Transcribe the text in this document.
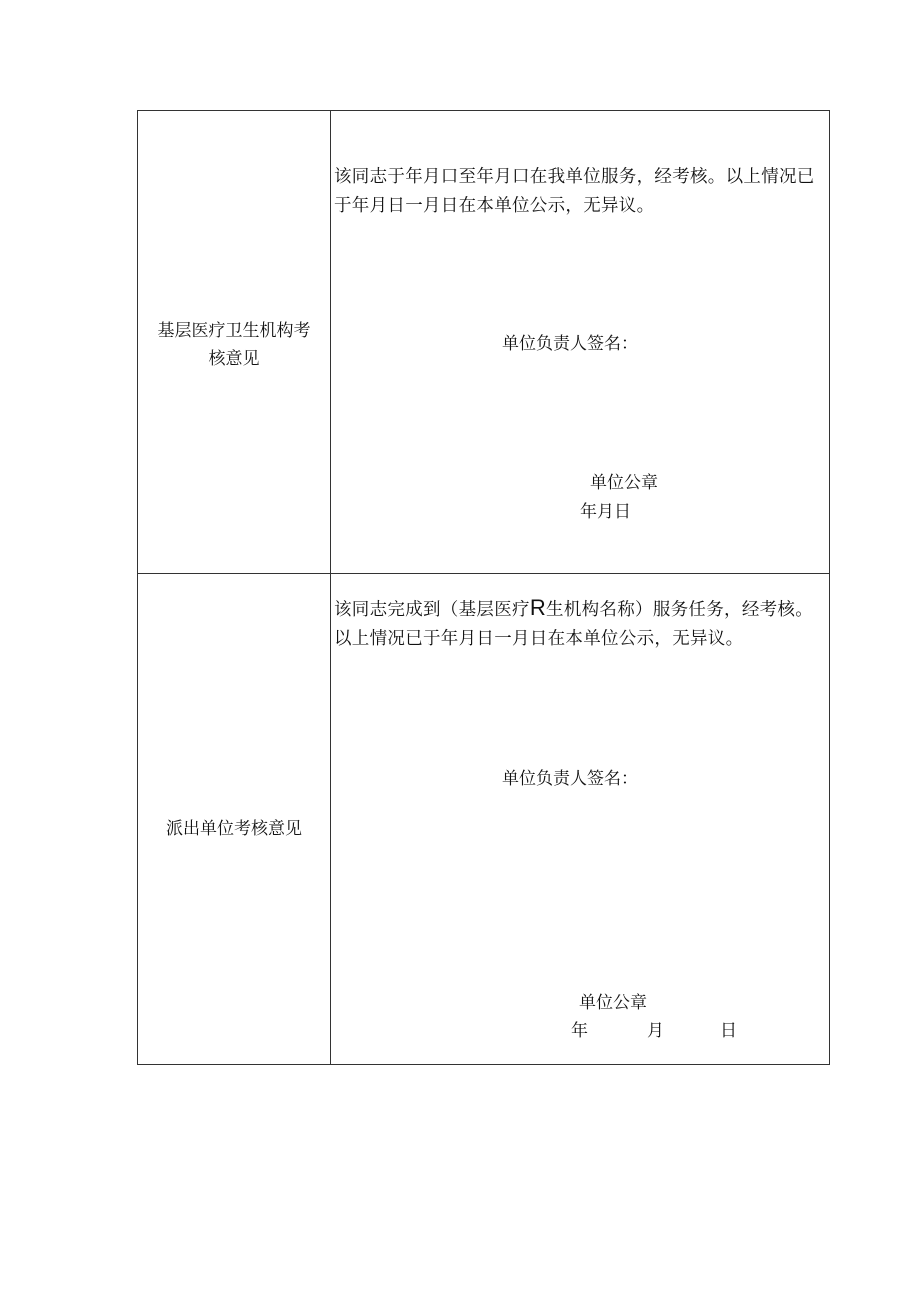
基层医疗卫生机构考
核意见
该同志于年月口至年月口在我单位服务，经考核。以上情况已于年月日一月日在本单位公示，无异议。
单位负责人签名：
单位公章
年月日
派出单位考核意见
该同志完成到（基层医疗R生机构名称）服务任务，经考核。以上情况已于年月日一月日在本单位公示，无异议。
单位负责人签名：
单位公章
年	月	日
